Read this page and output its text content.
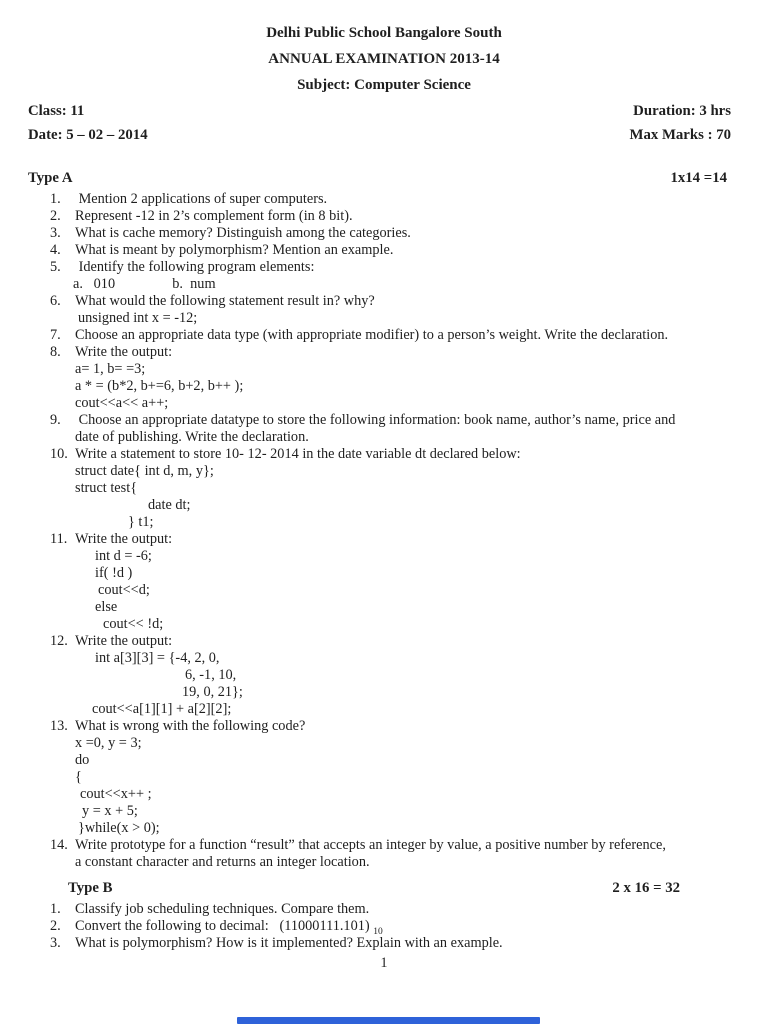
Delhi Public School Bangalore South
ANNUAL EXAMINATION 2013-14
Subject: Computer Science
Class: 11	Duration: 3 hrs
Date: 5 – 02 – 2014	Max Marks : 70
Type A	1x14 =14
1. Mention 2 applications of super computers.
2. Represent -12 in 2’s complement form (in 8 bit).
3. What is cache memory? Distinguish among the categories.
4. What is meant by polymorphism? Mention an example.
5. Identify the following program elements:
a.   010                b.  num
6. What would the following statement result in? why?
unsigned int x = -12;
7. Choose an appropriate data type (with appropriate modifier) to a person’s weight. Write the declaration.
8. Write the output:
a= 1, b= =3;
a * = (b*2, b+=6, b+2, b++ );
cout<<a<< a++;
9. Choose an appropriate datatype to store the following information: book name, author’s name, price and
date of publishing. Write the declaration.
10. Write a statement to store 10- 12- 2014 in the date variable dt declared below:
struct date{ int d, m, y};
struct test{
date dt;
} t1;
11. Write the output:
int d = -6;
if( !d )
cout<<d;
else
cout<< !d;
12. Write the output:
int a[3][3] = {-4, 2, 0,
6, -1, 10,
19, 0, 21};
cout<<a[1][1] + a[2][2];
13. What is wrong with the following code?
x =0, y = 3;
do
{
cout<<x++ ;
y = x + 5;
}while(x > 0);
14. Write prototype for a function “result” that accepts an integer by value, a positive number by reference,
a constant character and returns an integer location.
Type B	2 x 16 = 32
1. Classify job scheduling techniques. Compare them.
2. Convert the following to decimal:   (11000111.101) $_{10}$
3. What is polymorphism? How is it implemented? Explain with an example.
1
